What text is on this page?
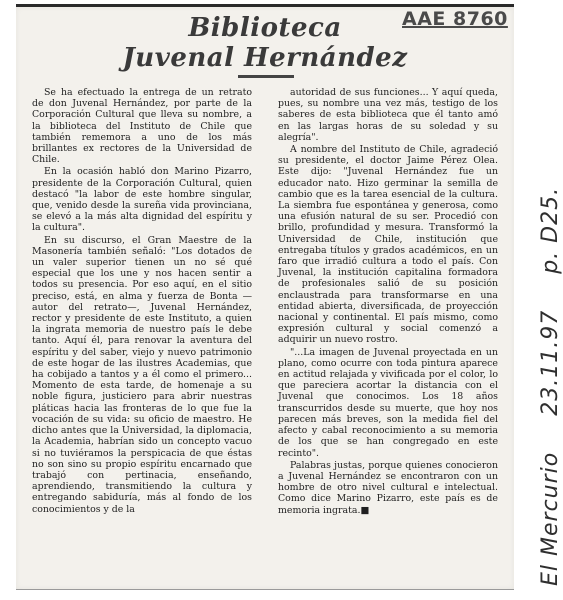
Biblioteca
Juvenal Hernández

Se ha efectuado la entrega de un retrato de don Juvenal Hernández, por parte de la Corporación Cultural que lleva su nombre, a la biblioteca del Instituto de Chile que también rememora a uno de los más brillantes ex rectores de la Universidad de Chile.

En la ocasión habló don Marino Pizarro, presidente de la Corporación Cultural, quien destacó "la labor de este hombre singular, que, venido desde la sureña vida provinciana, se elevó a la más alta dignidad del espíritu y la cultura".

En su discurso, el Gran Maestre de la Masonería también señaló: "Los dotados de un valer superior tienen un no sé qué especial que los une y nos hacen sentir a todos su presencia. Por eso aquí, en el sitio preciso, está, en alma y fuerza de Bonta —autor del retrato—, Juvenal Hernández, rector y presidente de este Instituto, a quien la ingrata memoria de nuestro país le debe tanto. Aquí él, para renovar la aventura del espíritu y del saber, viejo y nuevo patrimonio de este hogar de las ilustres Academias, que ha cobijado a tantos y a él como el primero... Momento de esta tarde, de homenaje a su noble figura, justiciero para abrir nuestras pláticas hacia las fronteras de lo que fue la vocación de su vida: su oficio de maestro. He dicho antes que la Universidad, la diplomacia, la Academia, habrían sido un concepto vacuo si no tuviéramos la perspicacia de que éstas no son sino su propio espíritu encarnado que trabajó con pertinacia, enseñando, aprendiendo, transmitiendo la cultura y entregando sabiduría, más al fondo de los conocimientos y de la

autoridad de sus funciones... Y aquí queda, pues, su nombre una vez más, testigo de los saberes de esta biblioteca que él tanto amó en las largas horas de su soledad y su alegría".

A nombre del Instituto de Chile, agradeció su presidente, el doctor Jaime Pérez Olea. Este dijo: "Juvenal Hernández fue un educador nato. Hizo germinar la semilla de cambio que es la tarea esencial de la cultura. La siembra fue espontánea y generosa, como una efusión natural de su ser. Procedió con brillo, profundidad y mesura. Transformó la Universidad de Chile, institución que entregaba títulos y grados académicos, en un faro que irradió cultura a todo el país. Con Juvenal, la institución capitalina formadora de profesionales salió de su posición enclaustrada para transformarse en una entidad abierta, diversificada, de proyección nacional y continental. El país mismo, como expresión cultural y social comenzó a adquirir un nuevo rostro.

"...La imagen de Juvenal proyectada en un plano, como ocurre con toda pintura aparece en actitud relajada y vivificada por el color, lo que pareciera acortar la distancia con el Juvenal que conocimos. Los 18 años transcurridos desde su muerte, que hoy nos parecen más breves, son la medida fiel del afecto y cabal reconocimiento a su memoria de los que se han congregado en este recinto".

Palabras justas, porque quienes conocieron a Juvenal Hernández se encontraron con un hombre de otro nivel cultural e intelectual. Como dice Marino Pizarro, este país es de memoria ingrata.■

AAE 8760
El Mercurio 23.11.97 p. D25.
